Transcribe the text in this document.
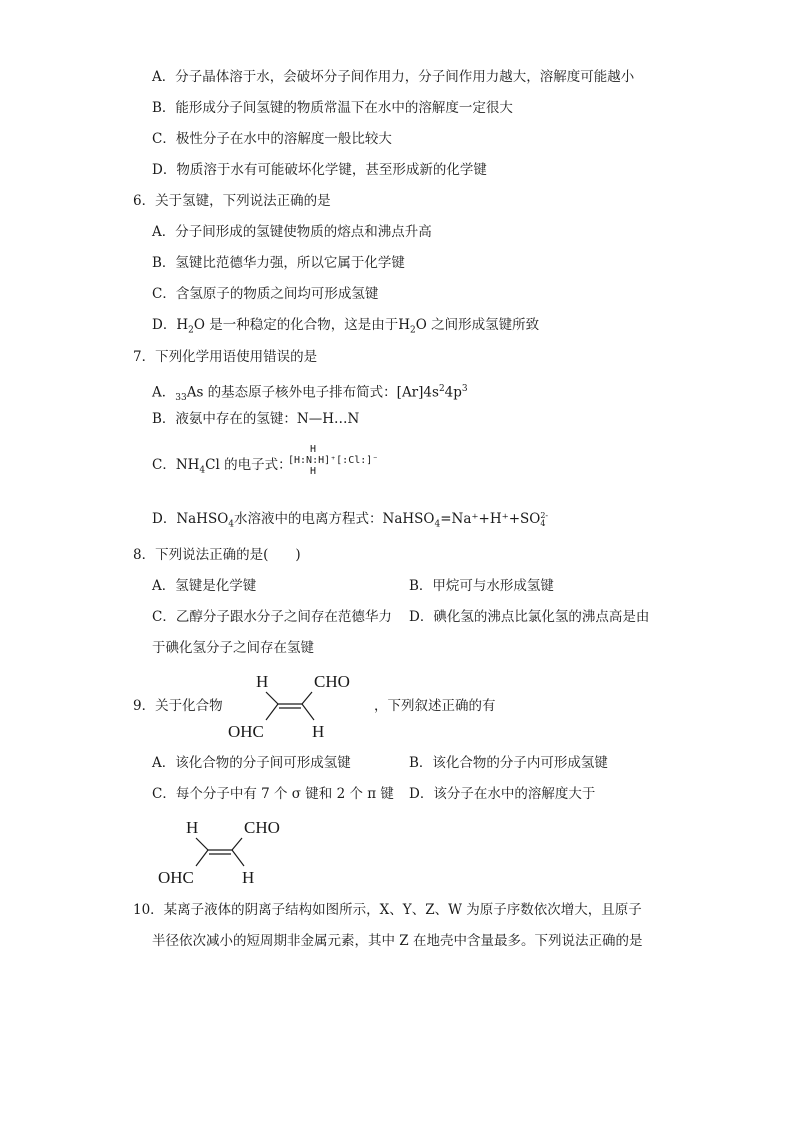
A．分子晶体溶于水，会破坏分子间作用力，分子间作用力越大，溶解度可能越小
B．能形成分子间氢键的物质常温下在水中的溶解度一定很大
C．极性分子在水中的溶解度一般比较大
D．物质溶于水有可能破坏化学键，甚至形成新的化学键
6．关于氢键，下列说法正确的是
A．分子间形成的氢键使物质的熔点和沸点升高
B．氢键比范德华力强，所以它属于化学键
C．含氢原子的物质之间均可形成氢键
D．$H_2O$ 是一种稳定的化合物，这是由于$H_2O$ 之间形成氢键所致
7．下列化学用语使用错误的是
A．$_{33}$As 的基态原子核外电子排布简式：$[Ar]4s^24p^3$
B．液氨中存在的氢键：N—H…N
C．$NH_4Cl$ 的电子式：
H
[H:N:H]⁺[:Cl:]⁻
H
D．NaHSO$_4$水溶液中的电离方程式：NaHSO$_4$=Na⁺+H⁺+SO 2-
4
8．下列说法正确的是(　　)
A．氢键是化学键	B．甲烷可与水形成氢键
C．乙醇分子跟水分子之间存在范德华力 D．碘化氢的沸点比氯化氢的沸点高是由
于碘化氢分子之间存在氢键
9．关于化合物
H	CHO
OHC	H
，下列叙述正确的有
A．该化合物的分子间可形成氢键	B．该化合物的分子内可形成氢键
C．每个分子中有 7 个 σ 键和 2 个 π 键 D．该分子在水中的溶解度大于
H	CHO
OHC	H
10．某离子液体的阴离子结构如图所示，X、Y、Z、W 为原子序数依次增大，且原子
半径依次减小的短周期非金属元素，其中 Z 在地壳中含量最多。下列说法正确的是
